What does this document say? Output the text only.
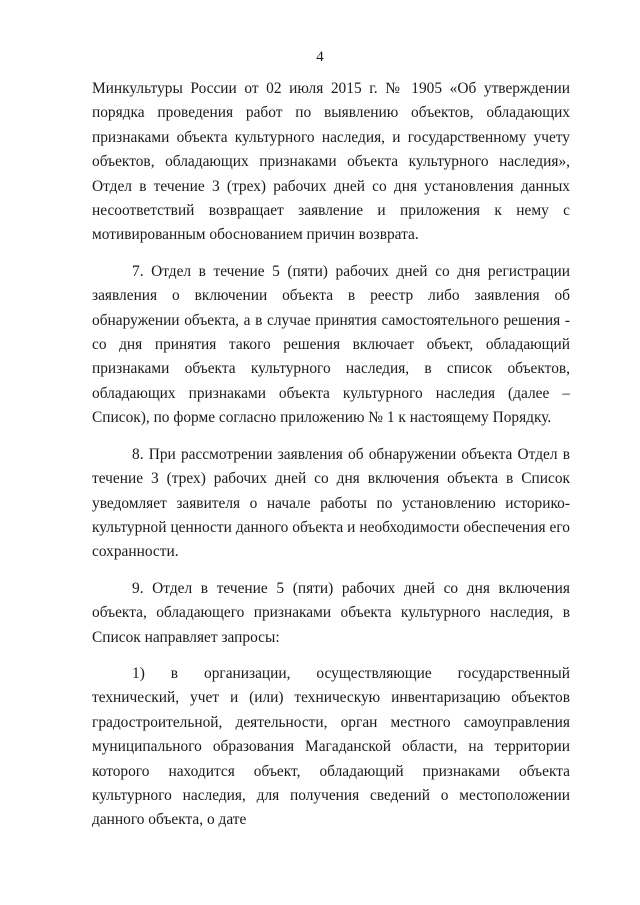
4

Минкультуры России от 02 июля 2015 г. № 1905 «Об утверждении порядка проведения работ по выявлению объектов, обладающих признаками объекта культурного наследия, и государственному учету объектов, обладающих признаками объекта культурного наследия», Отдел в течение 3 (трех) рабочих дней со дня установления данных несоответствий возвращает заявление и приложения к нему с мотивированным обоснованием причин возврата.

7. Отдел в течение 5 (пяти) рабочих дней со дня регистрации заявления о включении объекта в реестр либо заявления об обнаружении объекта, а в случае принятия самостоятельного решения - со дня принятия такого решения включает объект, обладающий признаками объекта культурного наследия, в список объектов, обладающих признаками объекта культурного наследия (далее – Список), по форме согласно приложению № 1 к настоящему Порядку.

8. При рассмотрении заявления об обнаружении объекта Отдел в течение 3 (трех) рабочих дней со дня включения объекта в Список уведомляет заявителя о начале работы по установлению историко-культурной ценности данного объекта и необходимости обеспечения его сохранности.

9. Отдел в течение 5 (пяти) рабочих дней со дня включения объекта, обладающего признаками объекта культурного наследия, в Список направляет запросы:

1) в организации, осуществляющие государственный технический, учет и (или) техническую инвентаризацию объектов градостроительной, деятельности, орган местного самоуправления муниципального образования Магаданской области, на территории которого находится объект, обладающий признаками объекта культурного наследия, для получения сведений о местоположении данного объекта, о дате
